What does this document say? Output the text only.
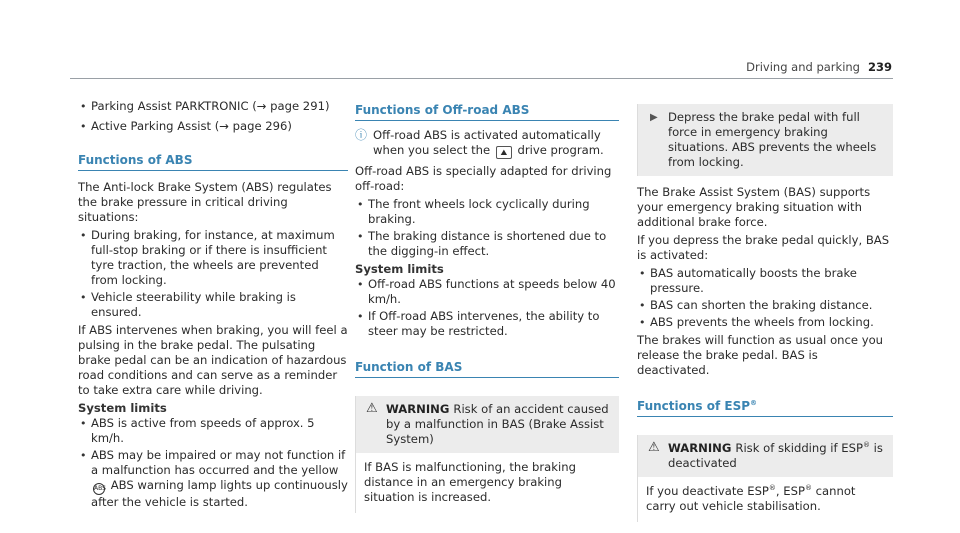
Driving and parking 239
• Parking Assist PARKTRONIC (→ page 291)
• Active Parking Assist (→ page 296)
Functions of ABS

The Anti-lock Brake System (ABS) regulates the brake pressure in critical driving situations:

• During braking, for instance, at maximum full-stop braking or if there is insufficient tyre traction, the wheels are prevented from locking.
• Vehicle steerability while braking is ensured.

If ABS intervenes when braking, you will feel a pulsing in the brake pedal. The pulsating brake pedal can be an indication of hazardous road conditions and can serve as a reminder to take extra care while driving.

System limits
• ABS is active from speeds of approx. 5 km/h.
• ABS may be impaired or may not function if a malfunction has occurred and the yellow ABS ABS warning lamp lights up continuously after the vehicle is started.
Functions of Off-road ABS
ⓘ Off-road ABS is activated automatically when you select the ⛰ drive program.

Off-road ABS is specially adapted for driving off-road:

• The front wheels lock cyclically during braking.
• The braking distance is shortened due to the digging-in effect.
System limits
• Off-road ABS functions at speeds below 40 km/h.
• If Off-road ABS intervenes, the ability to steer may be restricted.
Function of BAS
⚠ WARNING Risk of an accident caused by a malfunction in BAS (Brake Assist System)
If BAS is malfunctioning, the braking distance in an emergency braking situation is increased.
▶ Depress the brake pedal with full force in emergency braking situations. ABS prevents the wheels from locking.

The Brake Assist System (BAS) supports your emergency braking situation with additional brake force.

If you depress the brake pedal quickly, BAS is activated:

• BAS automatically boosts the brake pressure.
• BAS can shorten the braking distance.
• ABS prevents the wheels from locking.

The brakes will function as usual once you release the brake pedal. BAS is deactivated.

Functions of ESP®
⚠ WARNING Risk of skidding if ESP® is deactivated
If you deactivate ESP®, ESP® cannot carry out vehicle stabilisation.
